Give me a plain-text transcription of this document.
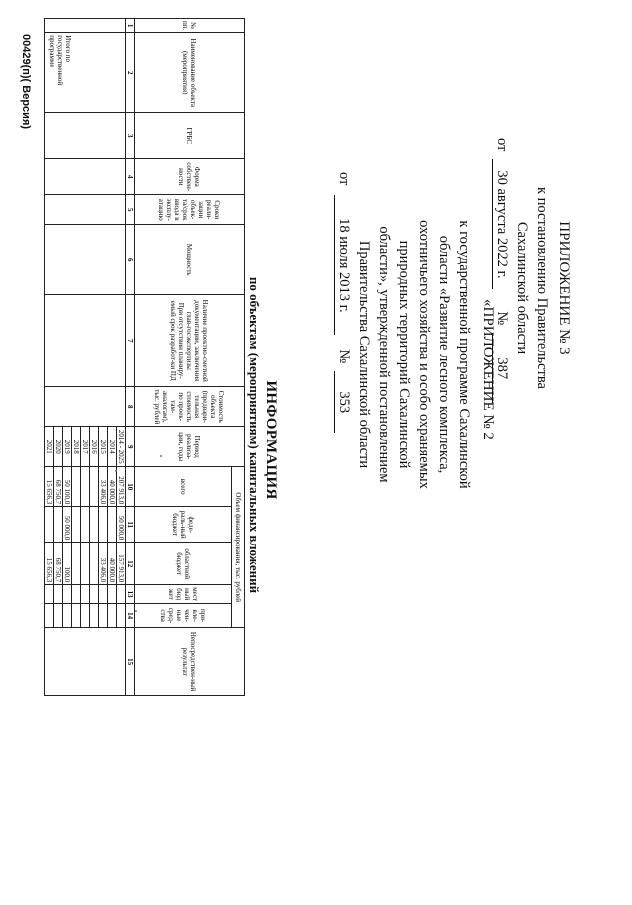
ПРИЛОЖЕНИЕ № 3
к постановлению Правительства
Сахалинской области
от
30 августа 2022 г.
№
387
«ПРИЛОЖЕНИЕ № 2
к государственной программе Сахалинской
области «Развитие лесного комплекса,
охотничьего хозяйства и особо охраняемых
природных территорий Сахалинской
области», утвержденной постановлением
Правительства Сахалинской области
от
18 июля 2013 г.
№
353
ИНФОРМАЦИЯ
по объектам (мероприятиям) капитальных вложений
№ пп.	Наименование объекта (мероприятия)	ГРБС	Форма собствен-ности	Сроки реали-зации объек-та/срок ввода в эксплу-атацию	Мощность	Наличие проектно-сметной документации, заключения глав-госэкспертизы
При отсутствии планиру-емый срок разработ-ки ПД	Стоимость объекта (предвари-тельная стоимость по проек-там-аналогам), тыс. рублей	Период реализа-ции, годы	Объем финансирования, тыс. рублей					Непосредствен-ный результат
									всего	феде-раль-ный бюджет	областной бюджет	мест ный бюд жет	при-вле-чен-ные сред-ства	
1	2	3	4	5	6	7	8	9	10	11	12	13	14	15
	Итого по государственной программе							2014 - 2025	207 913,0	50 000,0	157 913,0			
								2014	40 000,0		40 000,0			
								2015	33 406,0		33 406,0			
								2016						
								2017						
								2018						
								2019	50 100,0	50 000,0	100,0			
								2020	68 750,7		68 750,7			
								2021	15 656,3		15 656,3			
00429(п)( Версия)
